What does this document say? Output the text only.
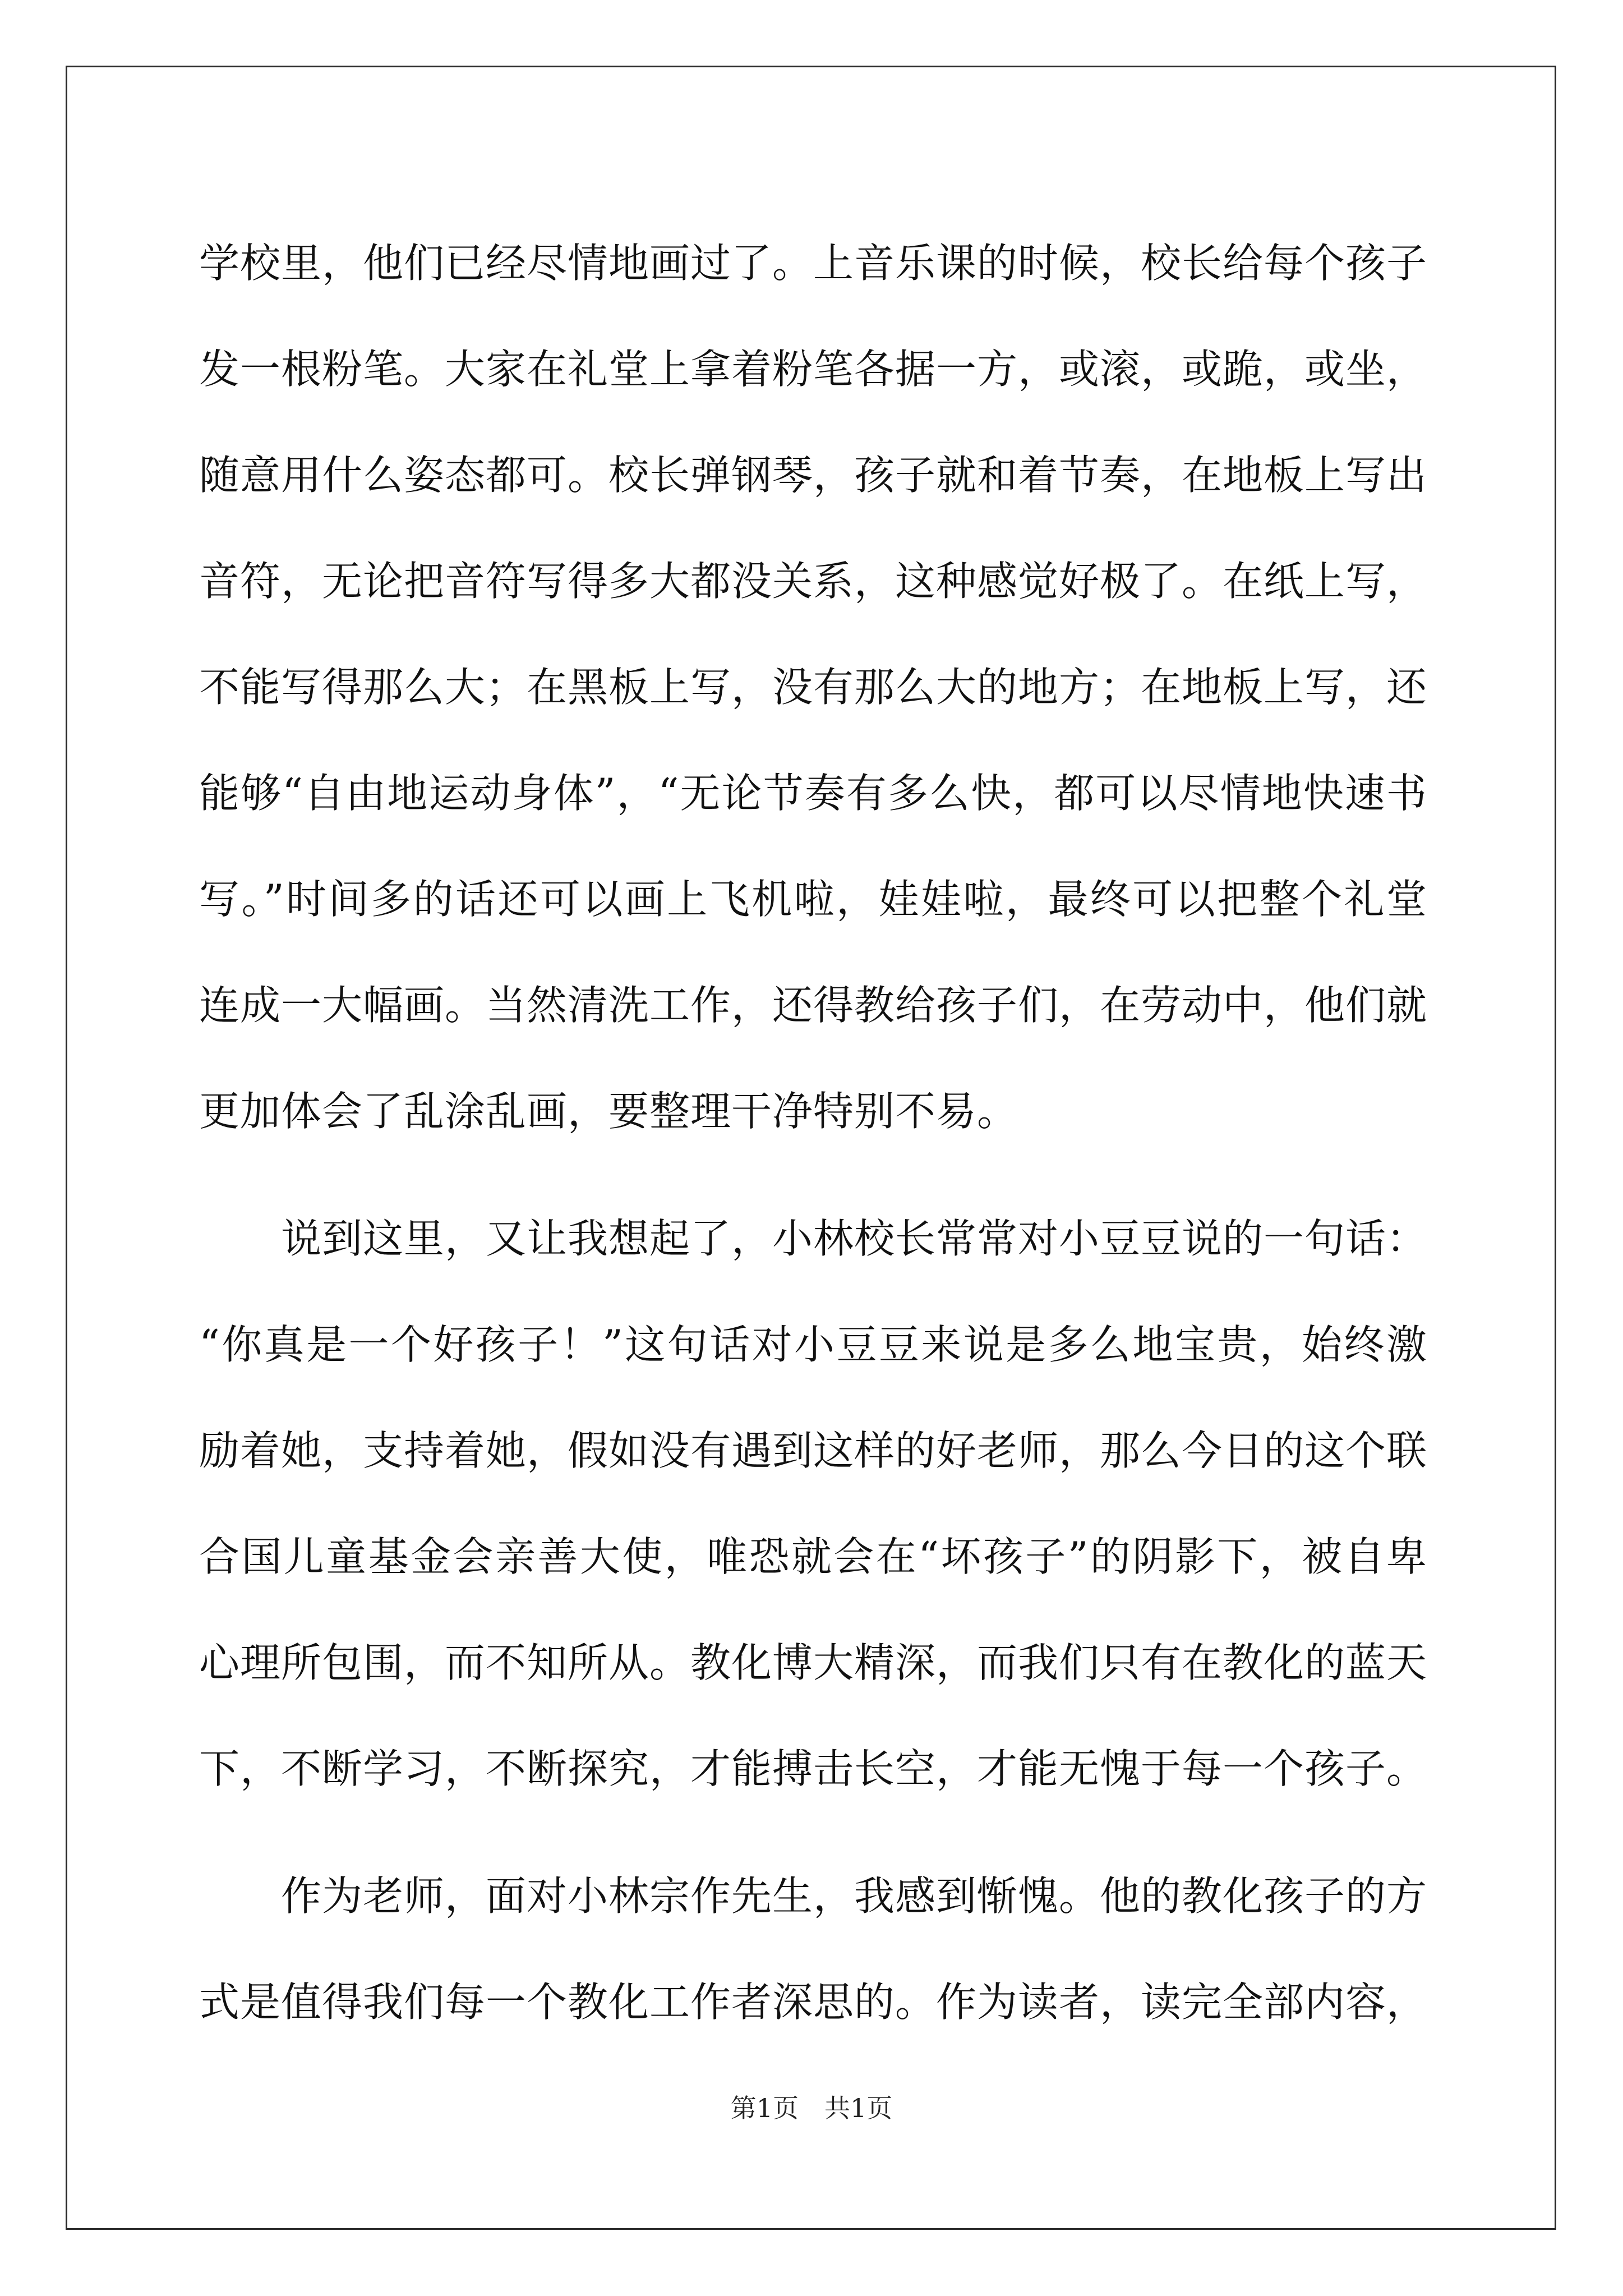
学校里，他们已经尽情地画过了。上音乐课的时候，校长给每个孩子
发一根粉笔。大家在礼堂上拿着粉笔各据一方，或滚，或跪，或坐，
随意用什么姿态都可。校长弹钢琴，孩子就和着节奏，在地板上写出
音符，无论把音符写得多大都没关系，这种感觉好极了。在纸上写，
不能写得那么大；在黑板上写，没有那么大的地方；在地板上写，还
能够“自由地运动身体”，“无论节奏有多么快，都可以尽情地快速书
写。”时间多的话还可以画上飞机啦，娃娃啦，最终可以把整个礼堂
连成一大幅画。当然清洗工作，还得教给孩子们，在劳动中，他们就
更加体会了乱涂乱画，要整理干净特别不易。
说到这里，又让我想起了，小林校长常常对小豆豆说的一句话：
“你真是一个好孩子！”这句话对小豆豆来说是多么地宝贵，始终激
励着她，支持着她，假如没有遇到这样的好老师，那么今日的这个联
合国儿童基金会亲善大使，唯恐就会在“坏孩子”的阴影下，被自卑
心理所包围，而不知所从。教化博大精深，而我们只有在教化的蓝天
下，不断学习，不断探究，才能搏击长空，才能无愧于每一个孩子。
作为老师，面对小林宗作先生，我感到惭愧。他的教化孩子的方
式是值得我们每一个教化工作者深思的。作为读者，读完全部内容，
第1页　共1页
